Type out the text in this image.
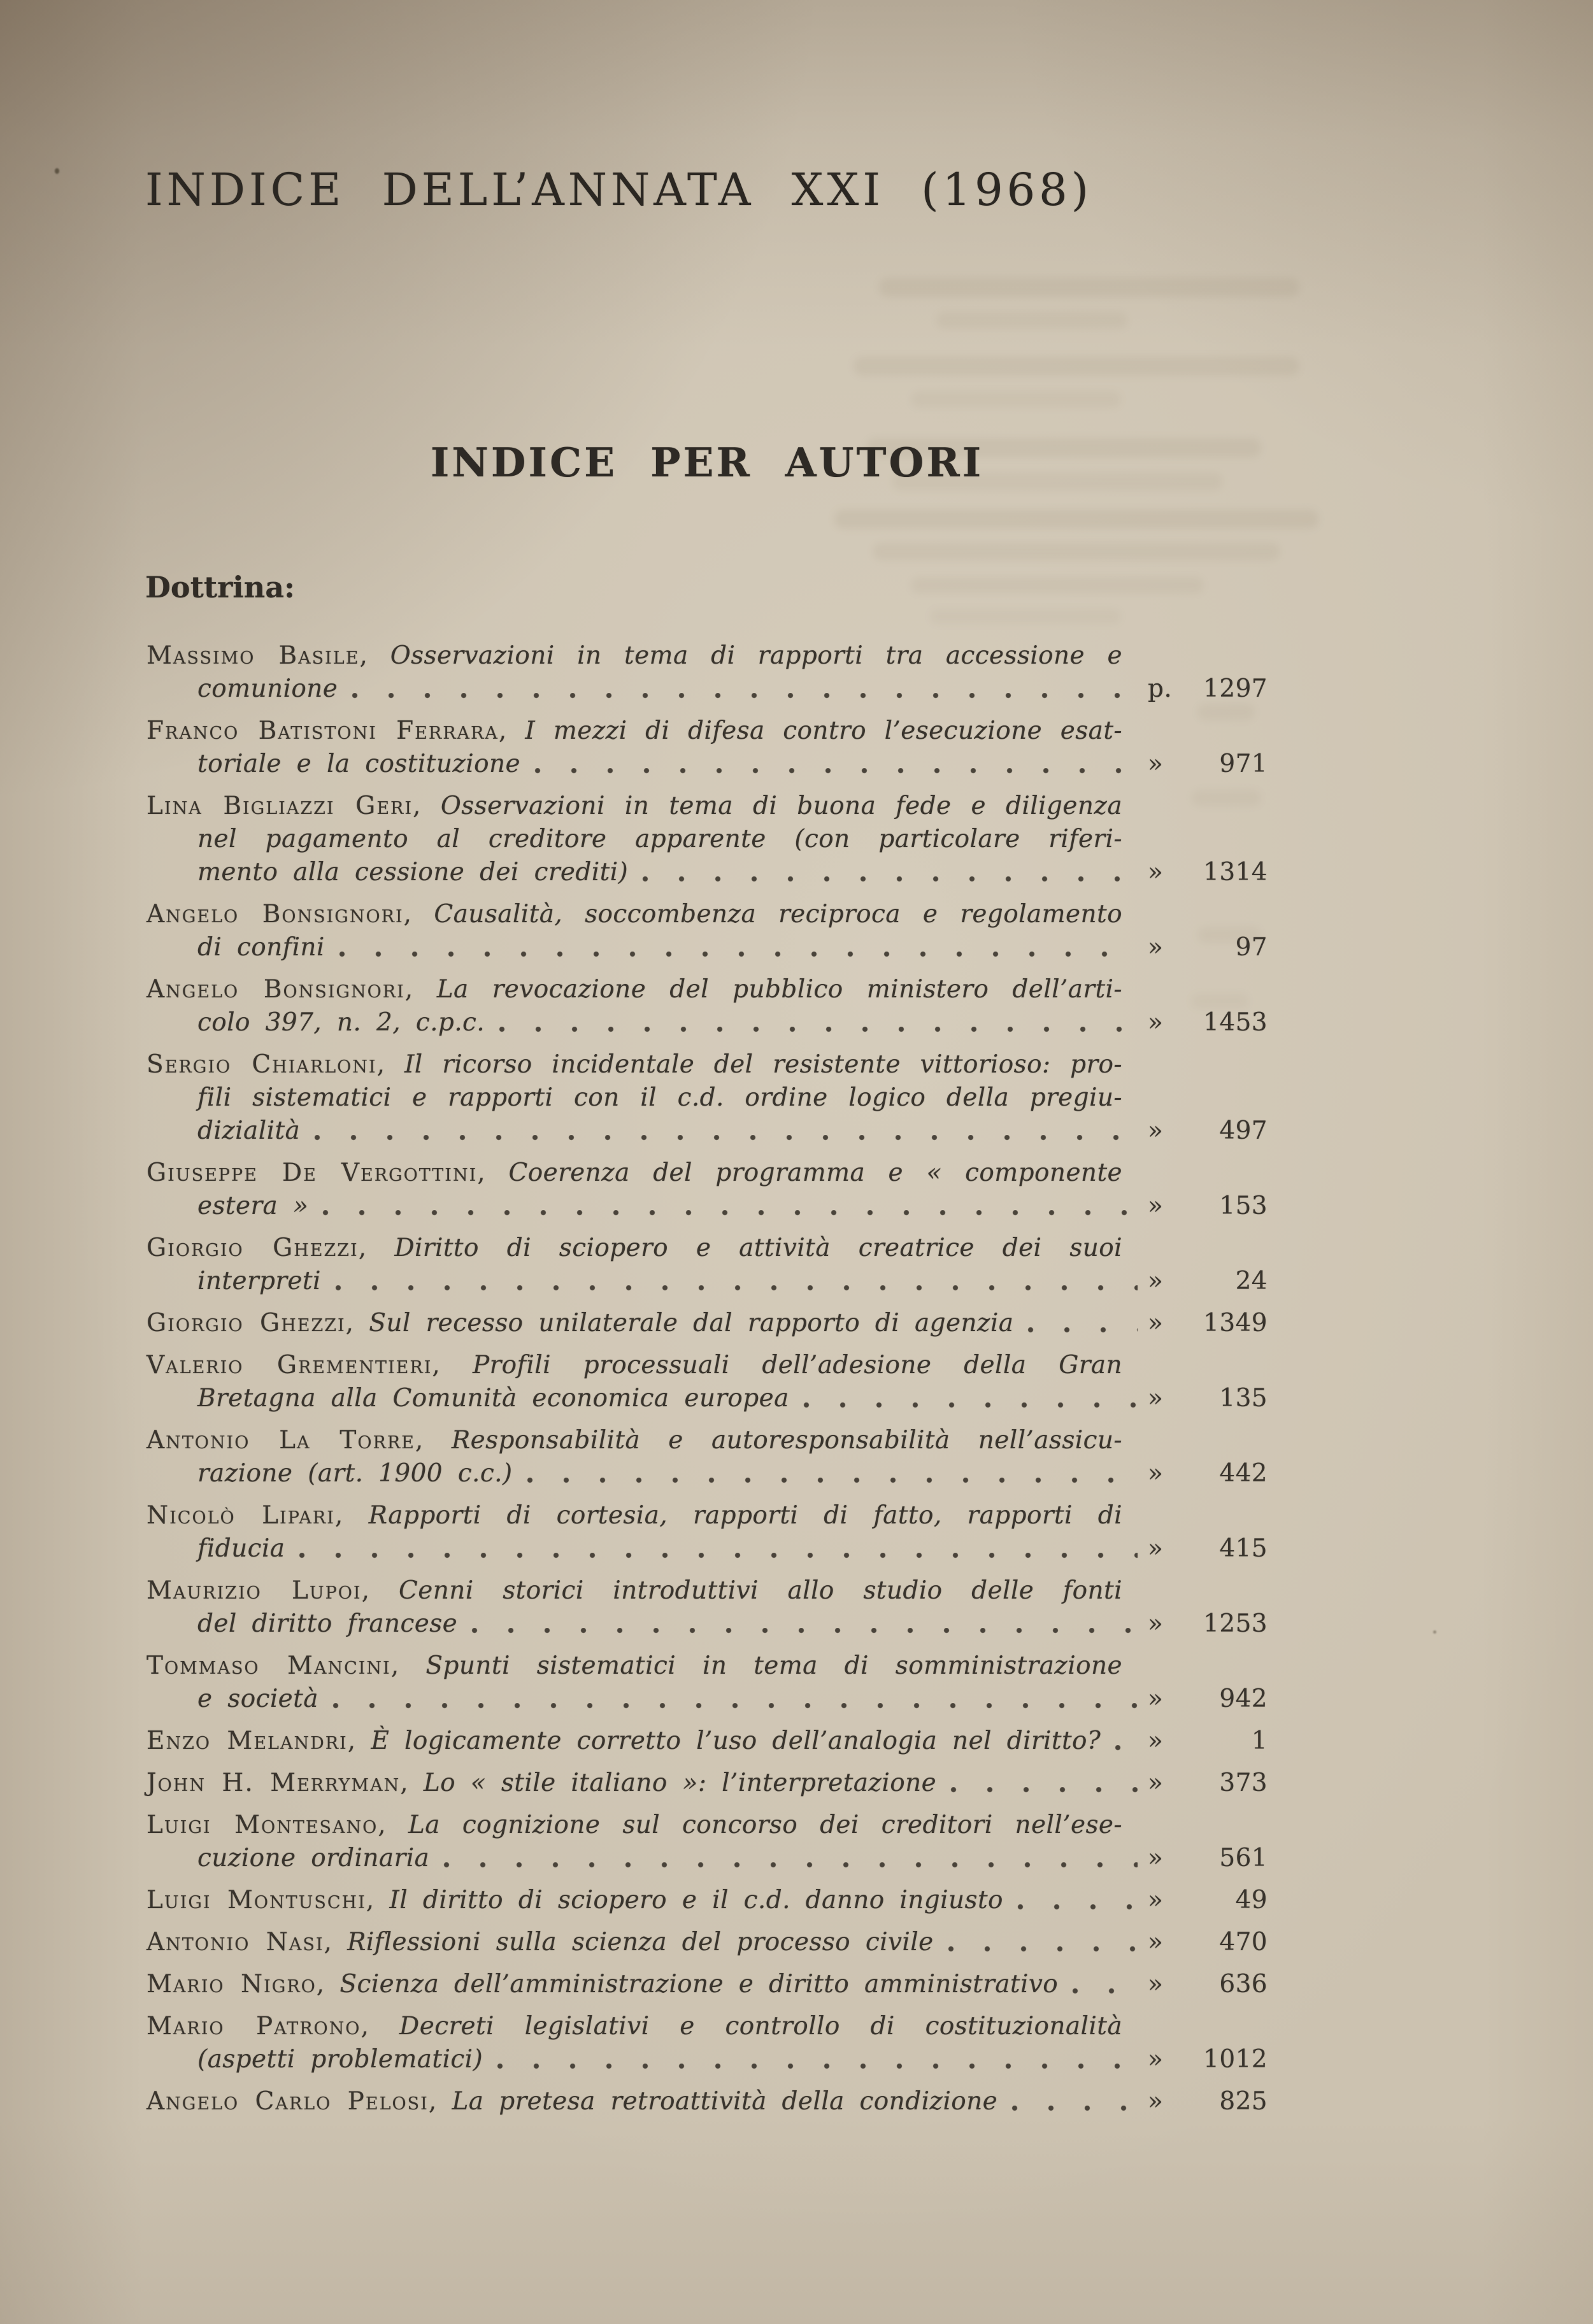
INDICE DELL’ANNATA XXI (1968)
INDICE PER AUTORI
Dottrina:
Massimo Basile, Osservazioni in tema di rapporti tra accessione e
comunione	p.	1297
Franco Batistoni Ferrara, I mezzi di difesa contro l’esecuzione esat-
toriale e la costituzione	»	971
Lina Bigliazzi Geri, Osservazioni in tema di buona fede e diligenza
nel pagamento al creditore apparente (con particolare riferi-
mento alla cessione dei crediti)	»	1314
Angelo Bonsignori, Causalità, soccombenza reciproca e regolamento
di confini	»	97
Angelo Bonsignori, La revocazione del pubblico ministero dell’arti-
colo 397, n. 2, c.p.c.	»	1453
Sergio Chiarloni, Il ricorso incidentale del resistente vittorioso: pro-
fili sistematici e rapporti con il c.d. ordine logico della pregiu-
dizialità	»	497
Giuseppe De Vergottini, Coerenza del programma e « componente
estera »	»	153
Giorgio Ghezzi, Diritto di sciopero e attività creatrice dei suoi
interpreti	»	24
Giorgio Ghezzi, Sul recesso unilaterale dal rapporto di agenzia	»	1349
Valerio Grementieri, Profili processuali dell’adesione della Gran
Bretagna alla Comunità economica europea	»	135
Antonio La Torre, Responsabilità e autoresponsabilità nell’assicu-
razione (art. 1900 c.c.)	»	442
Nicolò Lipari, Rapporti di cortesia, rapporti di fatto, rapporti di
fiducia	»	415
Maurizio Lupoi, Cenni storici introduttivi allo studio delle fonti
del diritto francese	»	1253
Tommaso Mancini, Spunti sistematici in tema di somministrazione
e società	»	942
Enzo Melandri, È logicamente corretto l’uso dell’analogia nel diritto? »	1
John H. Merryman, Lo « stile italiano »: l’interpretazione	»	373
Luigi Montesano, La cognizione sul concorso dei creditori nell’ese-
cuzione ordinaria	»	561
Luigi Montuschi, Il diritto di sciopero e il c.d. danno ingiusto	»	49
Antonio Nasi, Riflessioni sulla scienza del processo civile	»	470
Mario Nigro, Scienza dell’amministrazione e diritto amministrativo	»	636
Mario Patrono, Decreti legislativi e controllo di costituzionalità
(aspetti problematici)	»	1012
Angelo Carlo Pelosi, La pretesa retroattività della condizione	»	825
